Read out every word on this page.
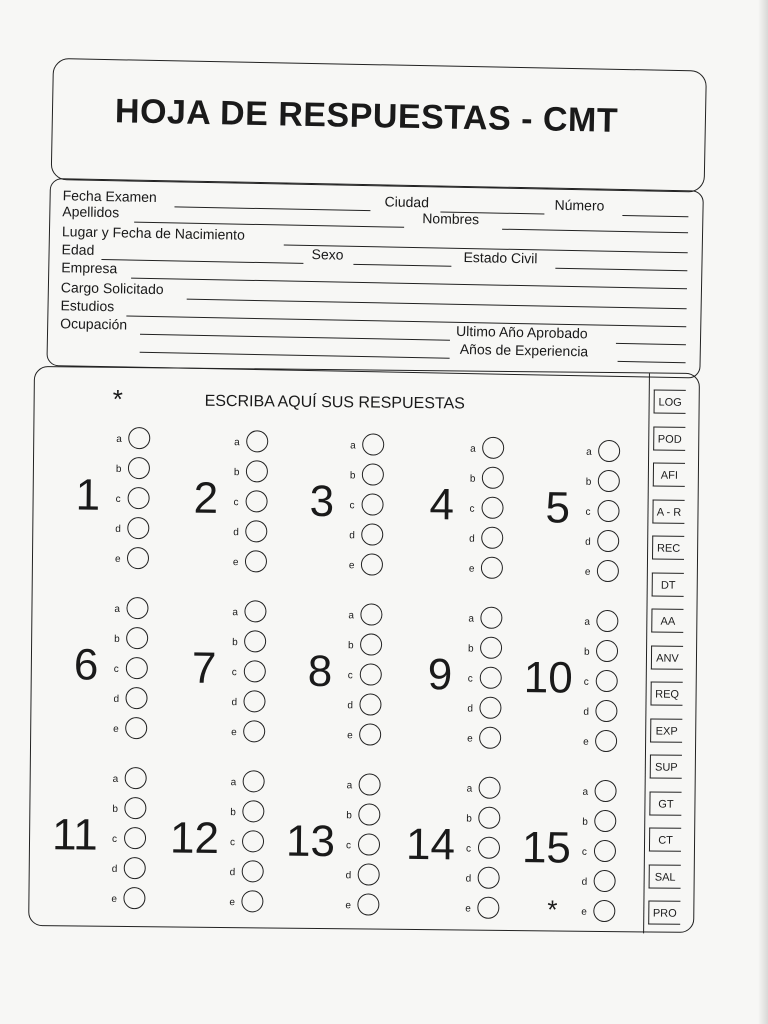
HOJA DE RESPUESTAS - CMT
Fecha Examen	Ciudad	Número
Apellidos	Nombres
Lugar y Fecha de Nacimiento
Edad	Sexo	Estado Civil
Empresa
Cargo Solicitado
Estudios
Ocupación	Ultimo Año Aprobado
Años de Experiencia
*	ESCRIBA AQUÍ SUS RESPUESTAS
1
a
b
c
d
e
2
a
b
c
d
e
3
a
b
c
d
e
4
a
b
c
d
e
5
a
b
c
d
e
6
a
b
c
d
e
7
a
b
c
d
e
8
a
b
c
d
e
9
a
b
c
d
e
10
a
b
c
d
e
11
a
b
c
d
e
12
a
b
c
d
e
13
a
b
c
d
e
14
a
b
c
d
e
15
a
b
c
d
e
*
LOG
POD
AFI
A - R
REC
DT
AA
ANV
REQ
EXP
SUP
GT
CT
SAL
PRO
